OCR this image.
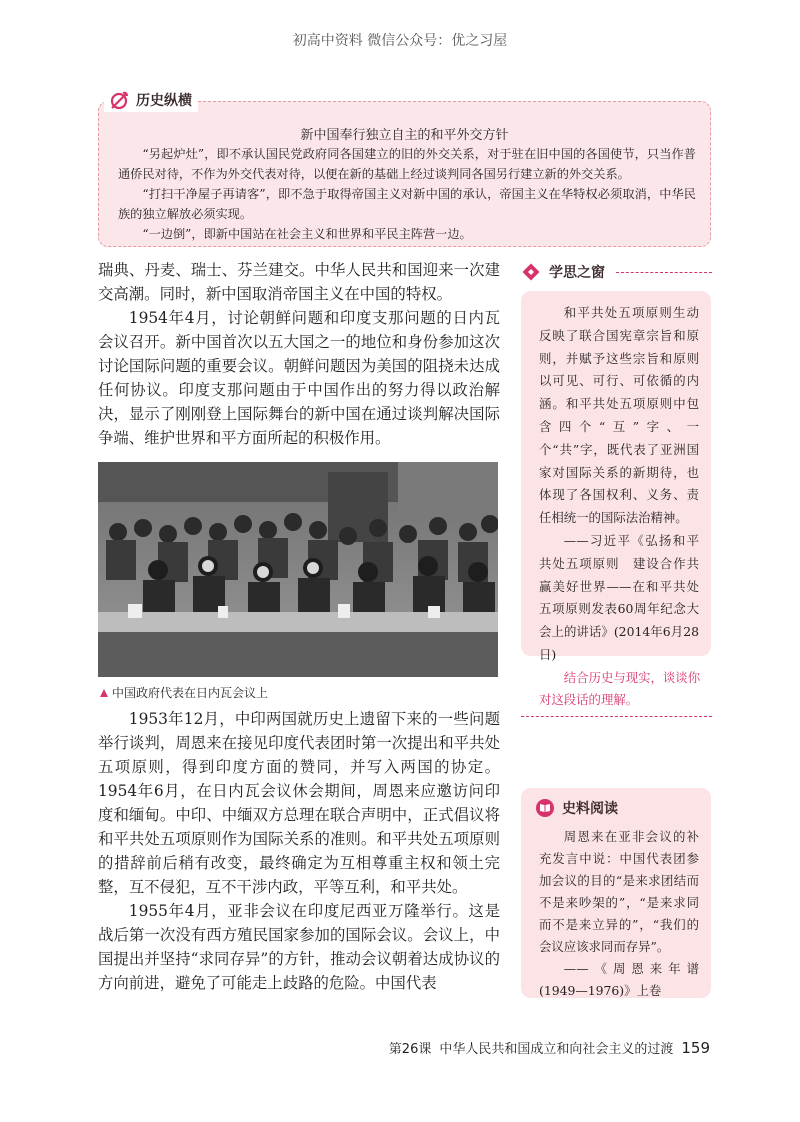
初高中资料 微信公众号：优之习屋
历史纵横
新中国奉行独立自主的和平外交方针

“另起炉灶”，即不承认国民党政府同各国建立的旧的外交关系，对于驻在旧中国的各国使节，只当作普通侨民对待，不作为外交代表对待，以便在新的基础上经过谈判同各国另行建立新的外交关系。

“打扫干净屋子再请客”，即不急于取得帝国主义对新中国的承认，帝国主义在华特权必须取消，中华民族的独立解放必须实现。

“一边倒”，即新中国站在社会主义和世界和平民主阵营一边。

瑞典、丹麦、瑞士、芬兰建交。中华人民共和国迎来一次建交高潮。同时，新中国取消帝国主义在中国的特权。

1954年4月，讨论朝鲜问题和印度支那问题的日内瓦会议召开。新中国首次以五大国之一的地位和身份参加这次讨论国际问题的重要会议。朝鲜问题因为美国的阻挠未达成任何协议。印度支那问题由于中国作出的努力得以政治解决，显示了刚刚登上国际舞台的新中国在通过谈判解决国际争端、维护世界和平方面所起的积极作用。

中国政府代表在日内瓦会议上

1953年12月，中印两国就历史上遗留下来的一些问题举行谈判，周恩来在接见印度代表团时第一次提出和平共处五项原则，得到印度方面的赞同，并写入两国的协定。1954年6月，在日内瓦会议休会期间，周恩来应邀访问印度和缅甸。中印、中缅双方总理在联合声明中，正式倡议将和平共处五项原则作为国际关系的准则。和平共处五项原则的措辞前后稍有改变，最终确定为互相尊重主权和领土完整，互不侵犯，互不干涉内政，平等互利，和平共处。

1955年4月，亚非会议在印度尼西亚万隆举行。这是战后第一次没有西方殖民国家参加的国际会议。会议上，中国提出并坚持“求同存异”的方针，推动会议朝着达成协议的方向前进，避免了可能走上歧路的危险。中国代表

学思之窗

和平共处五项原则生动反映了联合国宪章宗旨和原则，并赋予这些宗旨和原则以可见、可行、可依循的内涵。和平共处五项原则中包含四个“互”字、一个“共”字，既代表了亚洲国家对国际关系的新期待，也体现了各国权利、义务、责任相统一的国际法治精神。

——习近平《弘扬和平共处五项原则　建设合作共赢美好世界——在和平共处五项原则发表60周年纪念大会上的讲话》(2014年6月28日)

结合历史与现实，谈谈你对这段话的理解。
史料阅读

周恩来在亚非会议的补充发言中说：中国代表团参加会议的目的“是来求团结而不是来吵架的”，“是来求同而不是来立异的”，“我们的会议应该求同而存异”。

——《周恩来年谱(1949—1976)》上卷

第26课 中华人民共和国成立和向社会主义的过渡 159
